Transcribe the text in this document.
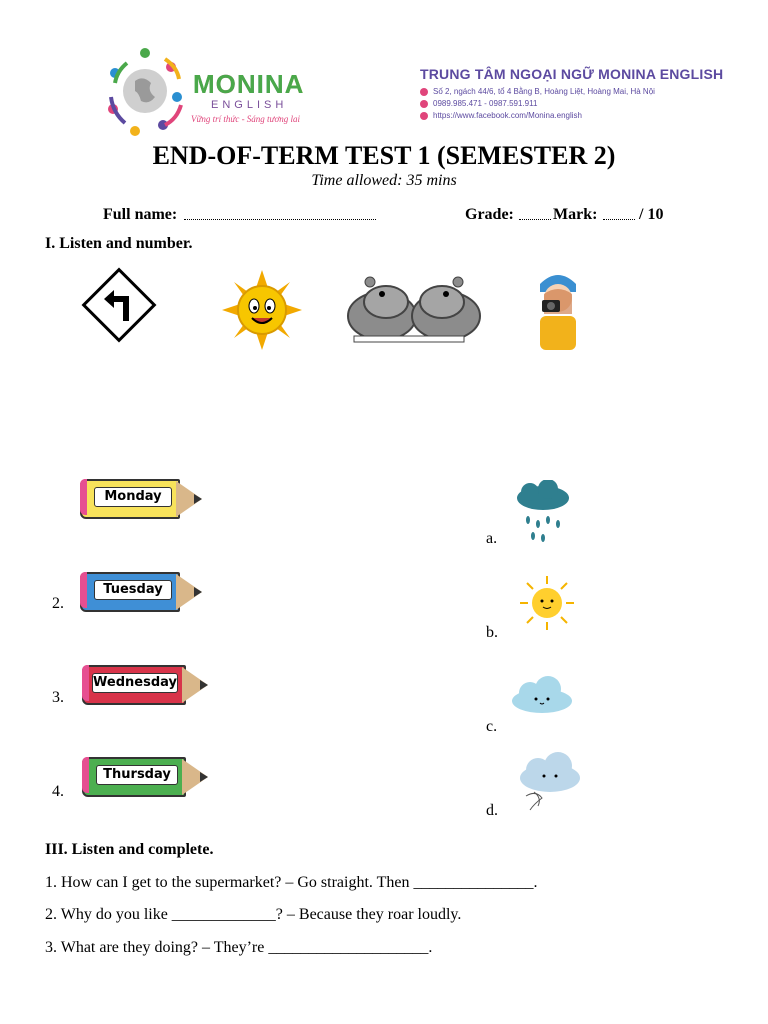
MONINA
ENGLISH
Vững trí thức - Sáng tương lai
TRUNG TÂM NGOẠI NGỮ MONINA ENGLISH
Số 2, ngách 44/6, tổ 4 Bằng B, Hoàng Liệt, Hoàng Mai, Hà Nội
0989.985.471 - 0987.591.911
https://www.facebook.com/Monina.english
END-OF-TERM TEST 1 (SEMESTER 2)
Time allowed: 35 mins
Full name:	Grade: Mark:	/ 10
I. Listen and number.
Monday
2.
Tuesday
3.
Wednesday
4.
Thursday
a.
b.
c.
d.
III. Listen and complete.
1. How can I get to the supermarket? – Go straight. Then _______________.
2. Why do you like _____________? – Because they roar loudly.
3. What are they doing? – They’re ____________________.
